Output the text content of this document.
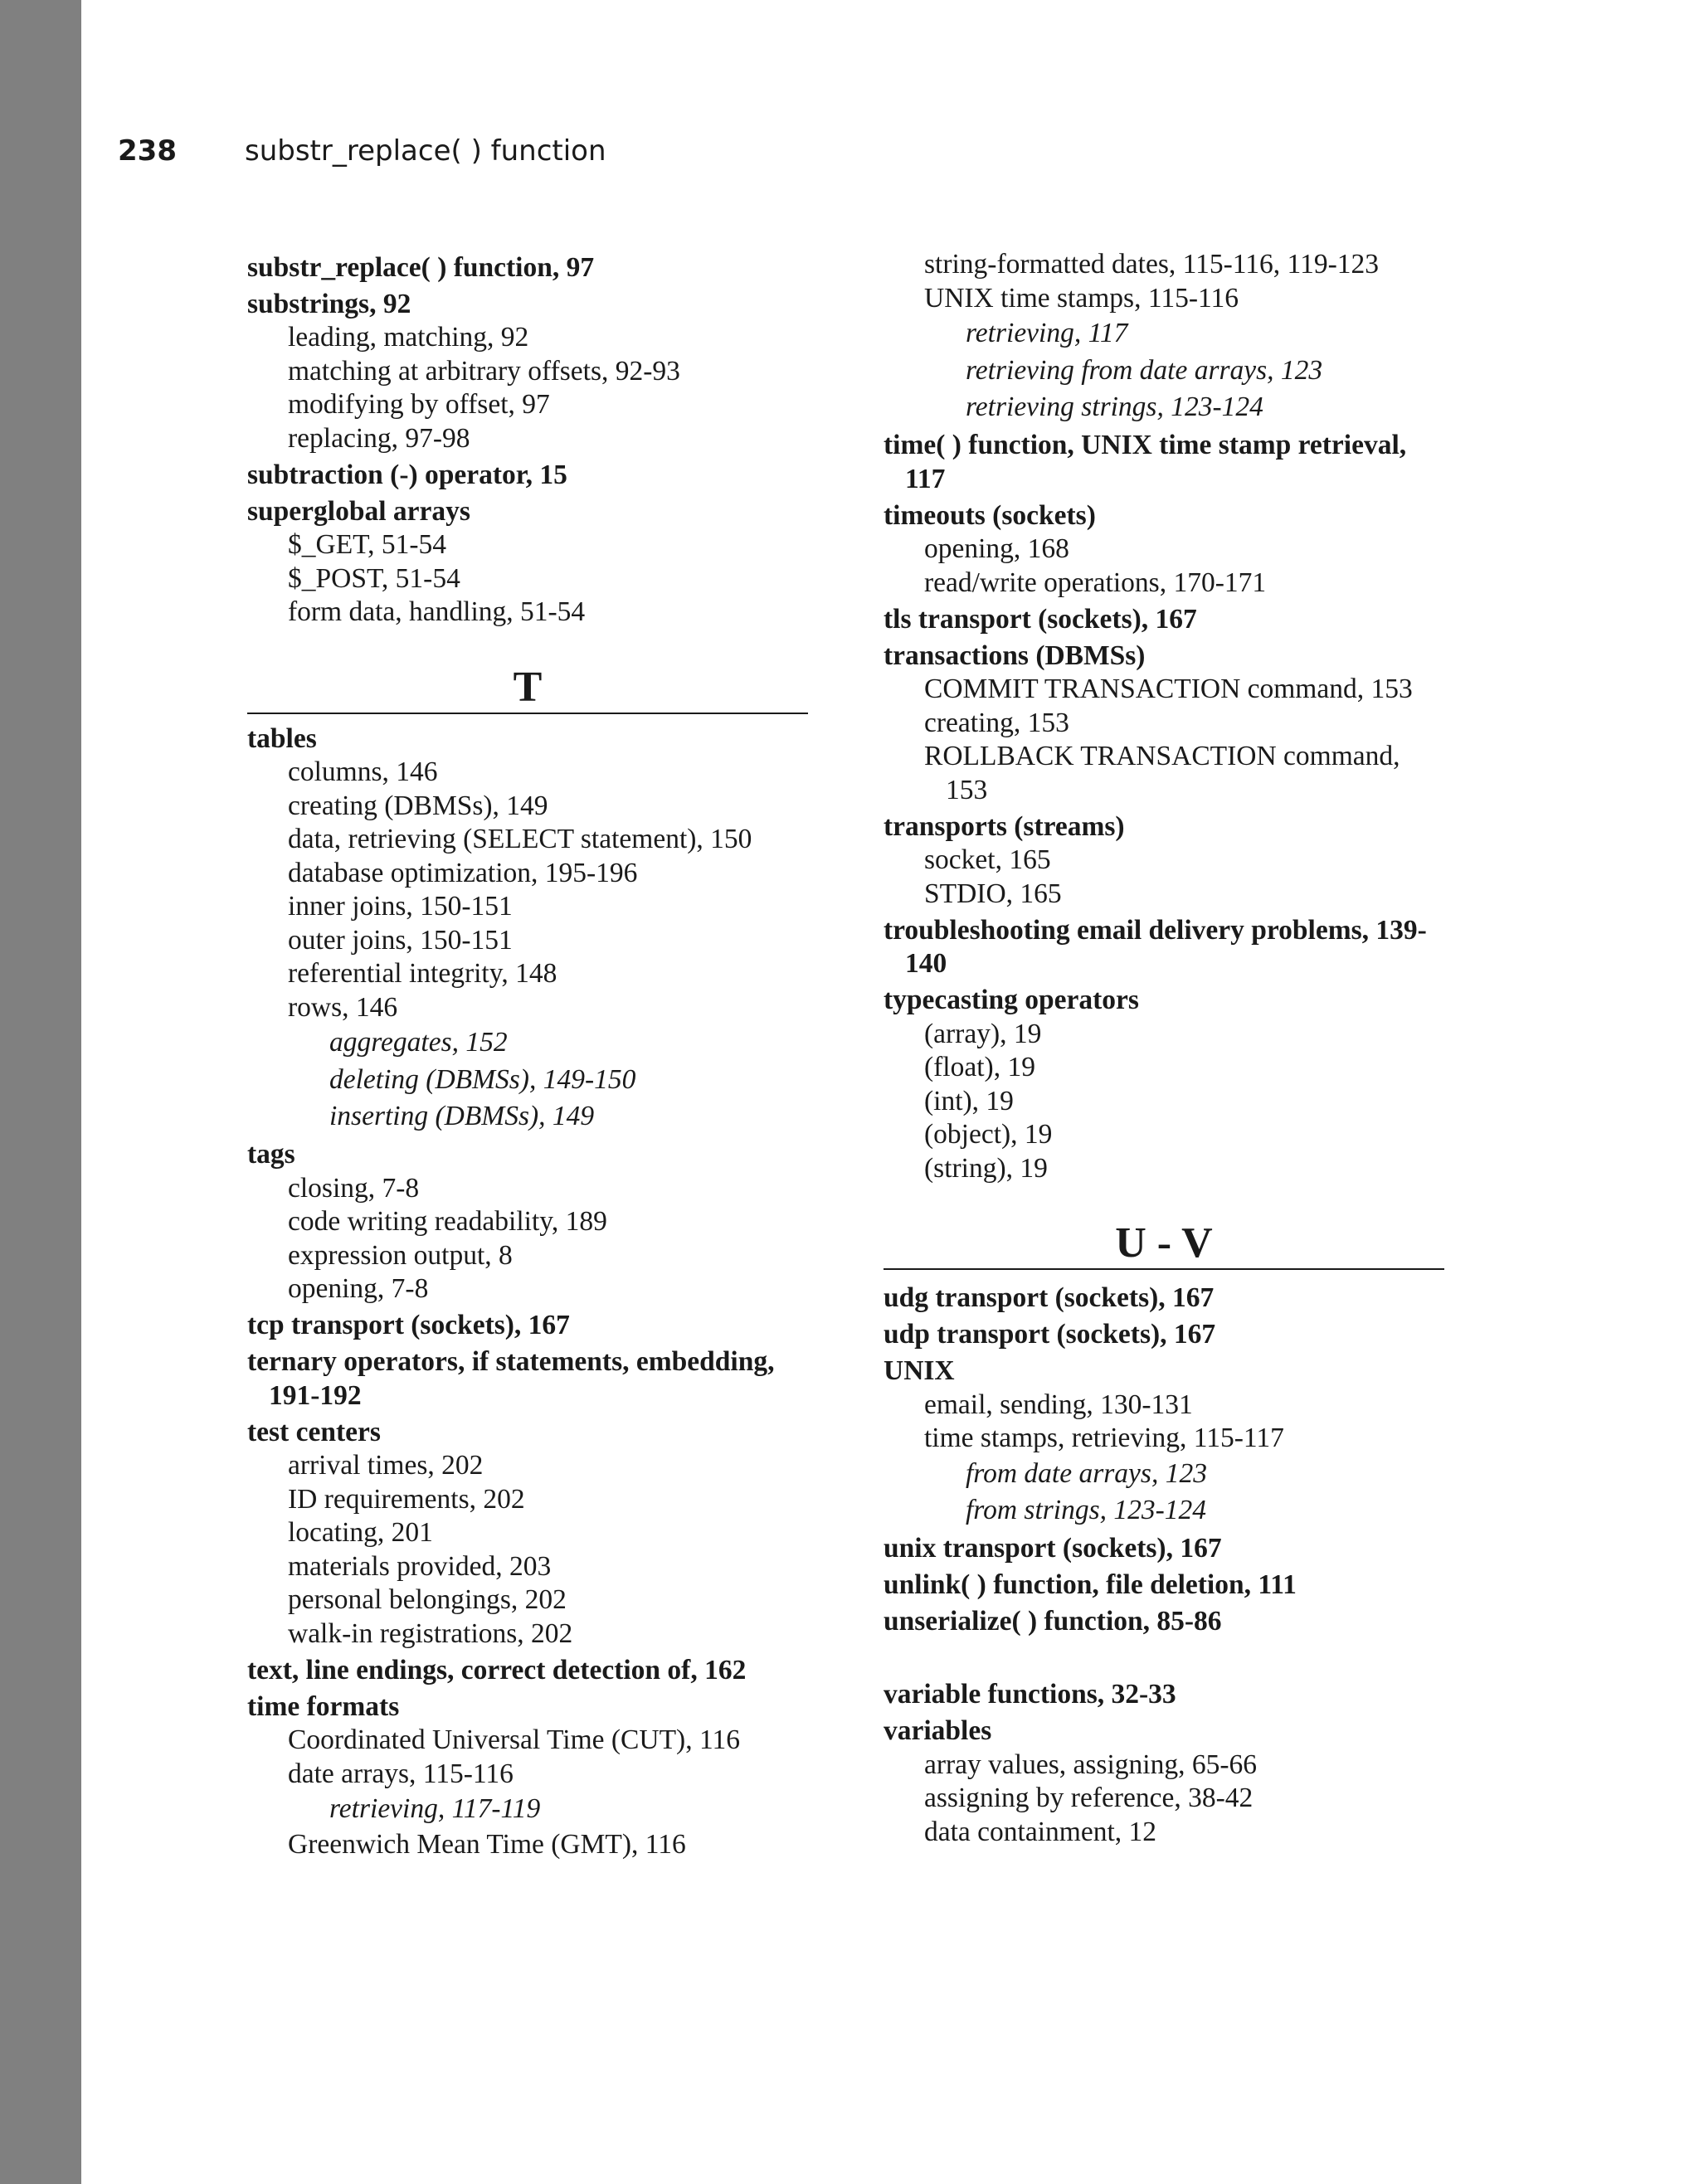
238 substr_replace( ) function
substr_replace( ) function, 97
substrings, 92
leading, matching, 92
matching at arbitrary offsets, 92-93
modifying by offset, 97
replacing, 97-98
subtraction (-) operator, 15
superglobal arrays
$_GET, 51-54
$_POST, 51-54
form data, handling, 51-54
T
tables
columns, 146
creating (DBMSs), 149
data, retrieving (SELECT statement), 150
database optimization, 195-196
inner joins, 150-151
outer joins, 150-151
referential integrity, 148
rows, 146
aggregates, 152
deleting (DBMSs), 149-150
inserting (DBMSs), 149
tags
closing, 7-8
code writing readability, 189
expression output, 8
opening, 7-8
tcp transport (sockets), 167
ternary operators, if statements, embedding, 191-192
test centers
arrival times, 202
ID requirements, 202
locating, 201
materials provided, 203
personal belongings, 202
walk-in registrations, 202
text, line endings, correct detection of, 162
time formats
Coordinated Universal Time (CUT), 116
date arrays, 115-116
retrieving, 117-119
Greenwich Mean Time (GMT), 116
string-formatted dates, 115-116, 119-123
UNIX time stamps, 115-116
retrieving, 117
retrieving from date arrays, 123
retrieving strings, 123-124
time( ) function, UNIX time stamp retrieval, 117
timeouts (sockets)
opening, 168
read/write operations, 170-171
tls transport (sockets), 167
transactions (DBMSs)
COMMIT TRANSACTION command, 153
creating, 153
ROLLBACK TRANSACTION command, 153
transports (streams)
socket, 165
STDIO, 165
troubleshooting email delivery problems, 139-140
typecasting operators
(array), 19
(float), 19
(int), 19
(object), 19
(string), 19
U - V
udg transport (sockets), 167
udp transport (sockets), 167
UNIX
email, sending, 130-131
time stamps, retrieving, 115-117
from date arrays, 123
from strings, 123-124
unix transport (sockets), 167
unlink( ) function, file deletion, 111
unserialize( ) function, 85-86
variable functions, 32-33
variables
array values, assigning, 65-66
assigning by reference, 38-42
data containment, 12
